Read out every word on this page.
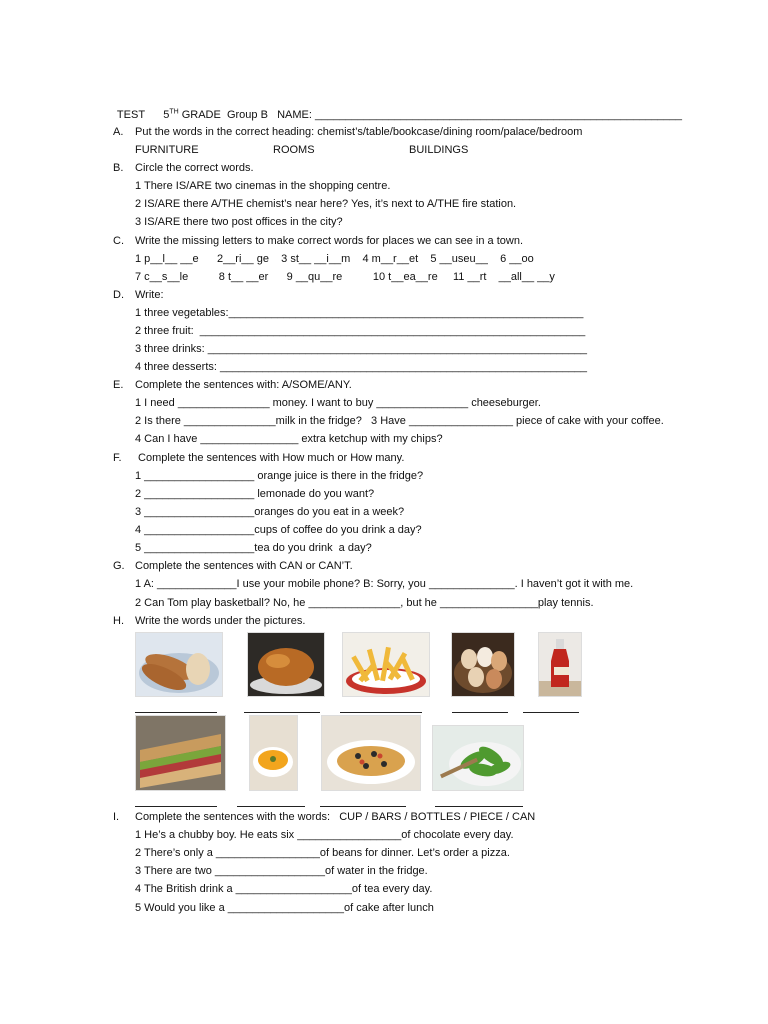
TEST 5TH GRADE  Group B   NAME: ____________________________________________________________

A. Put the words in the correct heading: chemist’s/table/bookcase/dining room/palace/bedroom
FURNITURE	ROOMS	BUILDINGS
B. Circle the correct words.
1 There IS/ARE two cinemas in the shopping centre.
2 IS/ARE there A/THE chemist’s near here? Yes, it’s next to A/THE fire station.
3 IS/ARE there two post offices in the city?
C. Write the missing letters to make correct words for places we can see in a town.
1 p__l__ __e      2__ri__ ge    3 st__ __i__m    4 m__r__et    5 __useu__    6 __oo
7 c__s__le          8 t__ __er      9 __qu__re          10 t__ea__re     11 __rt    __all__ __y
D. Write:
1 three vegetables:__________________________________________________________
2 three fruit:  _______________________________________________________________
3 three drinks: ______________________________________________________________
4 three desserts: ____________________________________________________________
E. Complete the sentences with: A/SOME/ANY.
1 I need _______________ money. I want to buy _______________ cheeseburger.
2 Is there _______________milk in the fridge?   3 Have _________________ piece of cake with your coffee.
4 Can I have ________________ extra ketchup with my chips?
F. Complete the sentences with How much or How many.
1 __________________ orange juice is there in the fridge?
2 __________________ lemonade do you want?
3 __________________oranges do you eat in a week?
4 __________________cups of coffee do you drink a day?
5 __________________tea do you drink  a day?
G. Complete the sentences with CAN or CAN’T.
1 A: _____________I use your mobile phone? B: Sorry, you ______________. I haven’t got it with me.
2 Can Tom play basketball? No, he _______________, but he ________________play tennis.
H. Write the words under the pictures.
I. Complete the sentences with the words:   CUP / BARS / BOTTLES / PIECE / CAN
1 He’s a chubby boy. He eats six _________________of chocolate every day.
2 There’s only a _________________of beans for dinner. Let’s order a pizza.
3 There are two __________________of water in the fridge.
4 The British drink a ___________________of tea every day.
5 Would you like a ___________________of cake after lunch
